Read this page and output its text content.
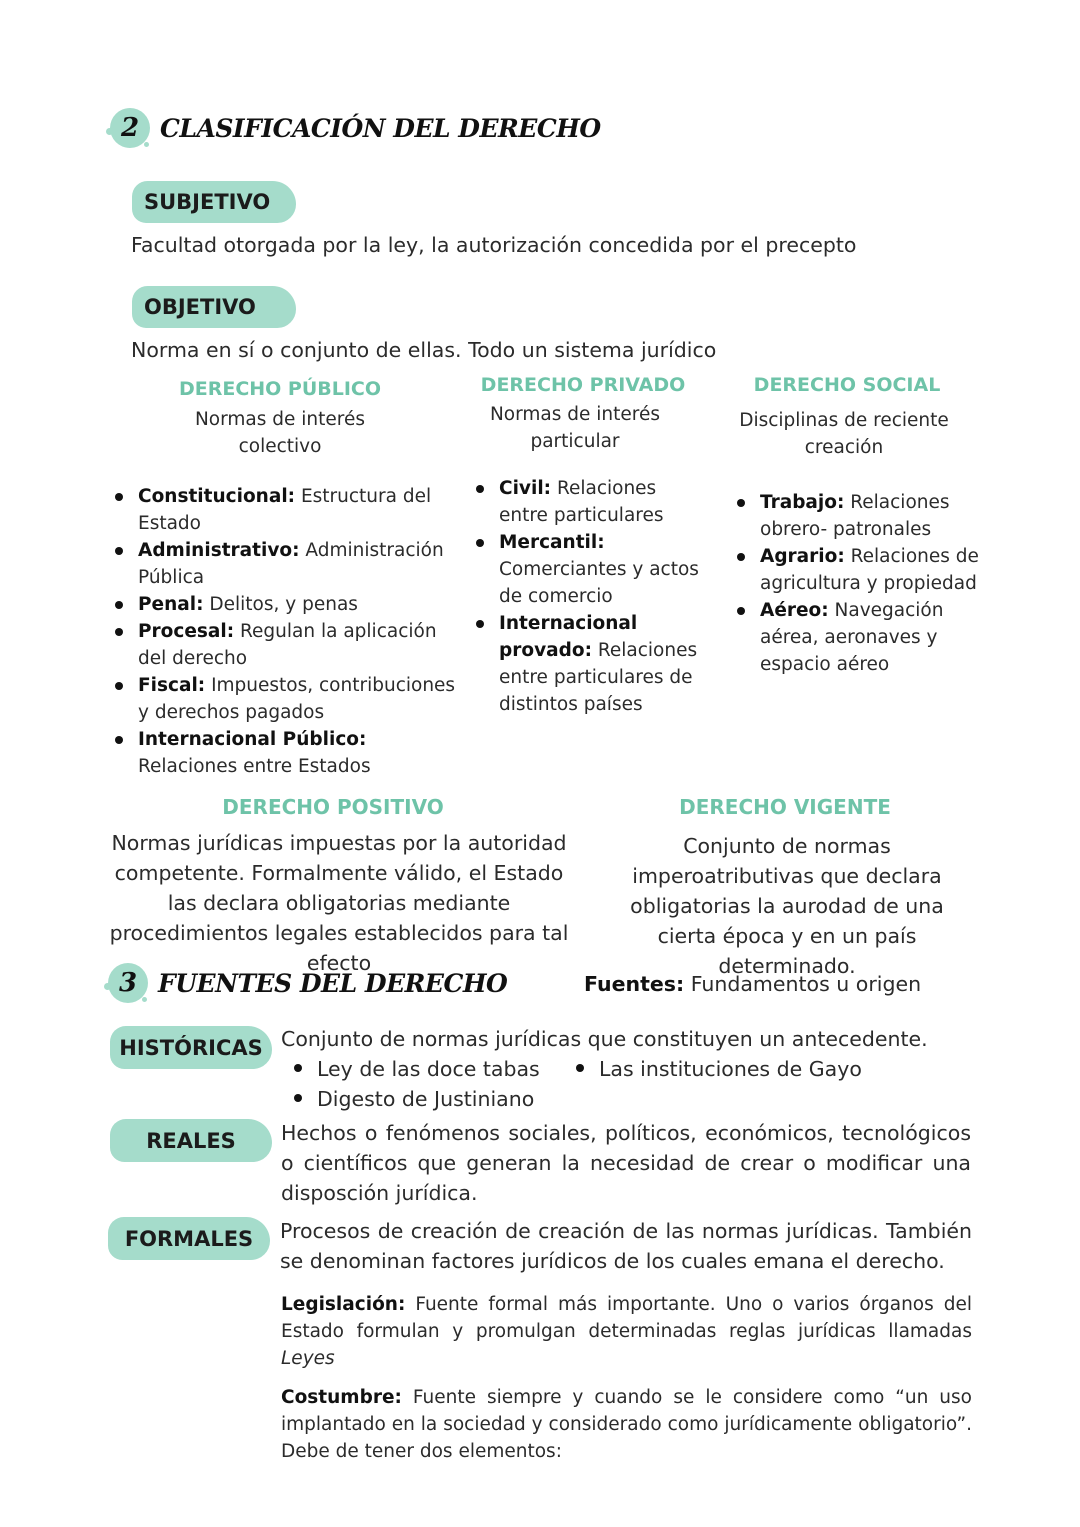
2 CLASIFICACIÓN DEL DERECHO
SUBJETIVO
Facultad otorgada por la ley, la autorización concedida por el precepto
OBJETIVO
Norma en sí o conjunto de ellas. Todo un sistema jurídico
DERECHO PÚBLICO
Normas de interés
colectivo
Constitucional: Estructura del Estado
Administrativo: Administración Pública
Penal: Delitos, y penas
Procesal: Regulan la aplicación del derecho
Fiscal: Impuestos, contribuciones y derechos pagados
Internacional Público: Relaciones entre Estados
DERECHO PRIVADO
Normas de interés
particular
Civil: Relaciones entre particulares
Mercantil: Comerciantes y actos de comercio
Internacional provado: Relaciones entre particulares de distintos países
DERECHO SOCIAL
Disciplinas de reciente
creación
Trabajo: Relaciones obrero- patronales
Agrario: Relaciones de agricultura y propiedad
Aéreo: Navegación aérea, aeronaves y espacio aéreo
DERECHO POSITIVO
Normas jurídicas impuestas por la autoridad competente. Formalmente válido, el Estado las declara obligatorias mediante procedimientos legales establecidos para tal efecto
DERECHO VIGENTE
Conjunto de normas imperoatributivas que declara obligatorias la aurodad de una cierta época y en un país determinado.
3 FUENTES DEL DERECHO	Fuentes: Fundamentos u origen
HISTÓRICAS Conjunto de normas jurídicas que constituyen un antecedente.
Ley de las doce tabas
Digesto de Justiniano
Las instituciones de Gayo
REALES Hechos o fenómenos sociales, políticos, económicos, tecnológicos o científicos que generan la necesidad de crear o modificar una disposción jurídica.
FORMALES Procesos de creación de creación de las normas jurídicas. También se denominan factores jurídicos de los cuales emana el derecho.
Legislación: Fuente formal más importante. Uno o varios órganos del Estado formulan y promulgan determinadas reglas jurídicas llamadas Leyes
Costumbre: Fuente siempre y cuando se le considere como “un uso implantado en la sociedad y considerado como jurídicamente obligatorio”. Debe de tener dos elementos:
